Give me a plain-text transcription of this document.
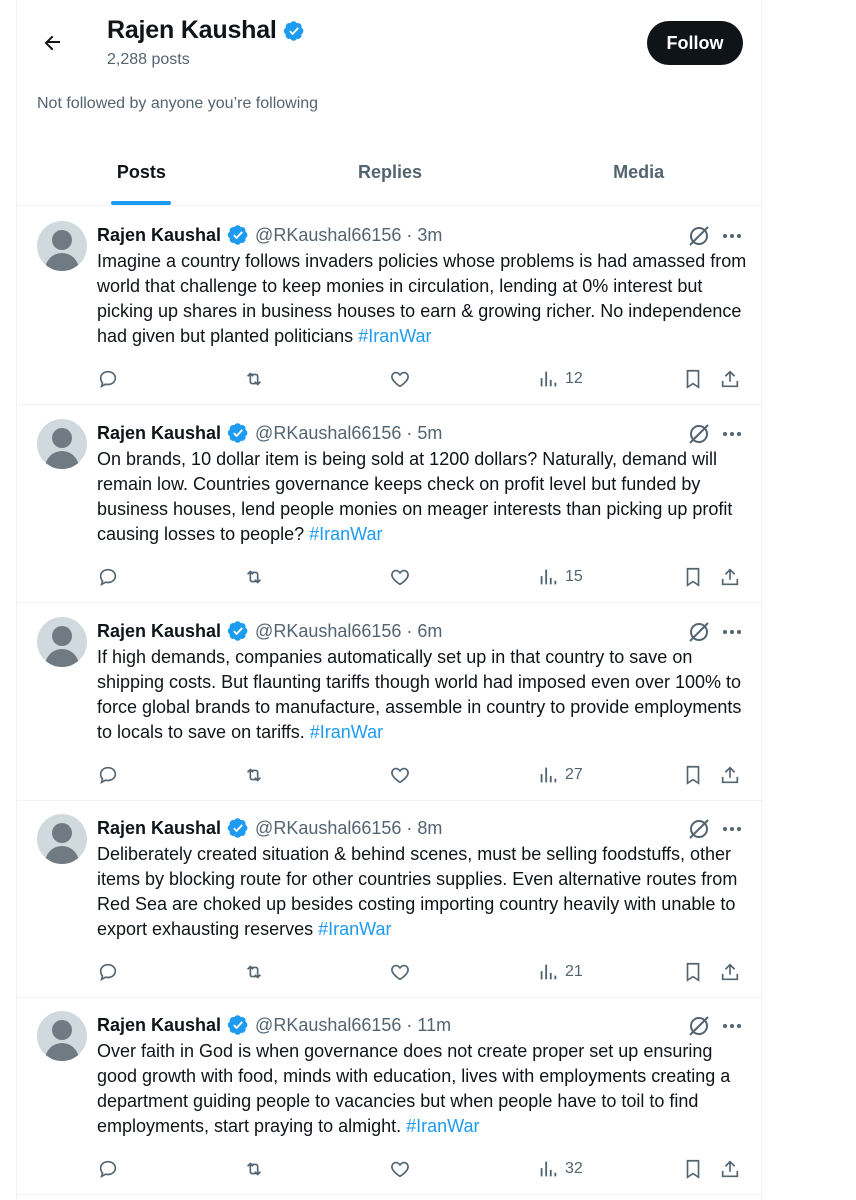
Rajen Kaushal
2,288 posts
Follow
Not followed by anyone you’re following
Posts	Replies	Media
Rajen Kaushal @RKaushal66156 · 3m
Imagine a country follows invaders policies whose problems is had amassed from world that challenge to keep monies in circulation, lending at 0% interest but picking up shares in business houses to earn & growing richer. No independence had given but planted politicians #IranWar
12
Rajen Kaushal @RKaushal66156 · 5m
On brands, 10 dollar item is being sold at 1200 dollars? Naturally, demand will remain low. Countries governance keeps check on profit level but funded by business houses, lend people monies on meager interests than picking up profit causing losses to people? #IranWar
15
Rajen Kaushal @RKaushal66156 · 6m
If high demands, companies automatically set up in that country to save on shipping costs. But flaunting tariffs though world had imposed even over 100% to force global brands to manufacture, assemble in country to provide employments to locals to save on tariffs. #IranWar
27
Rajen Kaushal @RKaushal66156 · 8m
Deliberately created situation & behind scenes, must be selling foodstuffs, other items by blocking route for other countries supplies. Even alternative routes from Red Sea are choked up besides costing importing country heavily with unable to export exhausting reserves #IranWar
21
Rajen Kaushal @RKaushal66156 · 11m
Over faith in God is when governance does not create proper set up ensuring good growth with food, minds with education, lives with employments creating a department guiding people to vacancies but when people have to toil to find employments, start praying to almight. #IranWar
32
